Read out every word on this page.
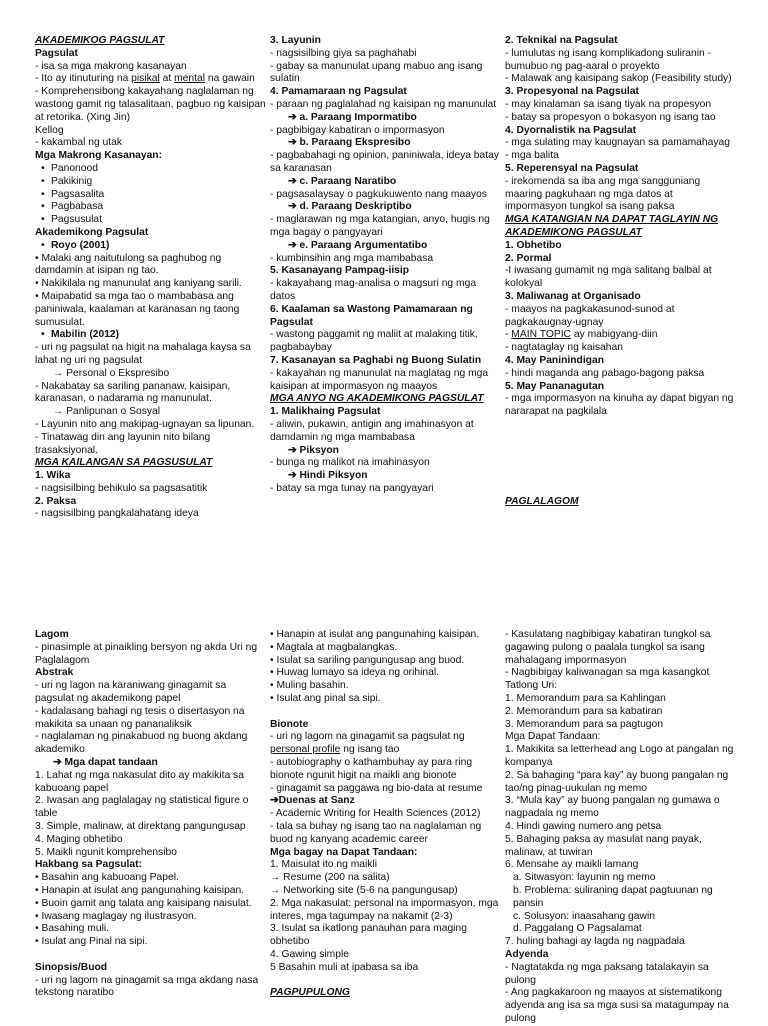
AKADEMIKOG PAGSULAT

Pagsulat

- isa sa mga makrong kasanayan

- Ito ay itinuturing na pisikal at mental na gawain

- Komprehensibong kakayahang naglalaman ng wastong gamit ng talasalitaan, pagbuo ng kaisipan at retorika. (Xing Jin)

Kellog

- kakambal ng utak

Mga Makrong Kasanayan:

• Panonood

• Pakikinig

• Pagsasalita

• Pagbabasa

• Pagsusulat

Akademikong Pagsulat

• Royo (2001)

• Malaki ang naitutulong sa paghubog ng damdamin at isipan ng tao.

• Nakikilala ng manunulat ang kaniyang sarili.

• Maipabatid sa mga tao o mambabasa ang paniniwala, kaalaman at karanasan ng taong sumusulat.

• Mabilin (2012)

- uri ng pagsulat na higit na mahalaga kaysa sa lahat ng uri ng pagsulat

→ Personal o Ekspresibo

- Nakabatay sa sariling pananaw, kaisipan, karanasan, o nadarama ng manunulat.

→ Panlipunan o Sosyal

- Layunin nito ang makipag-ugnayan sa lipunan.

- Tinatawag din ang layunin nito bilang trasaksiyonal.

MGA KAILANGAN SA PAGSUSULAT

1. Wika

- nagsisilbing behikulo sa pagsasatitik

2. Paksa

- nagsisilbing pangkalahatang ideya

3. Layunin

- nagsisilbing giya sa paghahabi

- gabay sa manunulat upang mabuo ang isang sulatin

4. Pamamaraan ng Pagsulat

- paraan ng paglalahad ng kaisipan ng manunulat

➔ a. Paraang Impormatibo

- pagbibigay kabatiran o impormasyon

➔ b. Paraang Ekspresibo

- pagbabahagi ng opinion, paniniwala, ideya batay sa karanasan

➔ c. Paraang Naratibo

- pagsasalaysay o pagkukuwento nang maayos

➔ d. Paraang Deskriptibo

- maglarawan ng mga katangian, anyo, hugis ng mga bagay o pangyayari

➔ e. Paraang Argumentatibo

- kumbinsihin ang mga mambabasa

5. Kasanayang Pampag-iisip

- kakayahang mag-analisa o magsuri ng mga datos

6. Kaalaman sa Wastong Pamamaraan ng Pagsulat

- wastong paggamit ng maliit at malaking titik, pagbabaybay

7. Kasanayan sa Paghabi ng Buong Sulatin

- kakayahan ng manunulat na maglatag ng mga kaisipan at impormasyon ng maayos

MGA ANYO NG AKADEMIKONG PAGSULAT

1. Malikhaing Pagsulat

- aliwin, pukawin, antigin ang imahinasyon at damdamin ng mga mambabasa

➔ Piksyon

- bunga ng malikot na imahinasyon

➔ Hindi Piksyon

- batay sa mga tunay na pangyayari

2. Teknikal na Pagsulat

- lumulutas ng isang komplikadong suliranin -bumubuo ng pag-aaral o proyekto

- Malawak ang kaisipang sakop (Feasibility study)

3. Propesyonal na Pagsulat

- may kinalaman sa isang tiyak na propesyon

- batay sa propesyon o bokasyon ng isang tao

4. Dyornalistik na Pagsulat

- mga sulating may kaugnayan sa pamamahayag

- mga balita

5. Reperensyal na Pagsulat

- irekomenda sa iba ang mga sangguniang maaring pagkuhaan ng mga datos at impormasyon tungkol sa isang paksa

MGA KATANGIAN NA DAPAT TAGLAYIN NG AKADEMIKONG PAGSULAT

1. Obhetibo

2. Pormal

-I iwasang gumamit ng mga salitang balbal at kolokyal

3. Maliwanag at Organisado

- maayos na pagkakasunod-sunod at pagkakaugnay-ugnay

- MAIN TOPIC ay mabigyang-diin

- nagtataglay ng kaisahan

4. May Paninindigan

- hindi maganda ang pabago-bagong paksa

5. May Pananagutan

- mga impormasyon na kinuha ay dapat bigyan ng nararapat na pagkilala

PAGLALAGOM

Lagom

- pinasimple at pinaikling bersyon ng akda Uri ng Paglalagom

Abstrak

- uri ng lagon na karaniwang ginagamit sa pagsulat ng akademikong papel

- kadalasang bahagi ng tesis o disertasyon na makikita sa unaan ng pananaliksik

- naglalaman ng pinakabuod ng buong akdang akademiko

➔ Mga dapat tandaan

1. Lahat ng mga nakasulat dito ay makikita sa kabuoang papel

2. Iwasan ang paglalagay ng statistical figure o table

3. Simple, malinaw, at direktang pangungusap

4. Maging obhetibo

5. Maikli ngunit komprehensibo

Hakbang sa Pagsulat:

• Basahin ang kabuoang Papel.

• Hanapin at isulat ang pangunahing kaisipan.

• Buoin gamit ang talata ang kaisipang naisulat.

• Iwasang maglagay ng ilustrasyon.

• Basahing muli.

• Isulat ang Pinal na sipi.

Sinopsis/Buod

- uri ng lagom na ginagamit sa mga akdang nasa tekstong naratibo

• Hanapin at isulat ang pangunahing kaisipan.

• Magtala at magbalangkas.

• Isulat sa sariling pangungusap ang buod.

• Huwag lumayo sa ideya ng orihinal.

• Muling basahin.

• Isulat ang pinal sa sipi.

Bionote

- uri ng lagom na ginagamit sa pagsulat ng personal profile ng isang tao

- autobiography o kathambuhay ay para ring bionote ngunit higit na maikli ang bionote

- ginagamit sa paggawa ng bio-data at resume

➔Duenas at Sanz

- Academic Writing for Health Sciences (2012)

- tala sa buhay ng isang tao na naglalaman ng buod ng kanyang academic career

Mga bagay na Dapat Tandaan:

1. Maisulat ito ng maikli

→ Resume (200 na salita)

→ Networking site (5-6 na pangungusap)

2. Mga nakasulat: personal na impormasyon, mga interes, mga tagumpay na nakamit (2-3)

3. Isulat sa ikatlong panauhan para maging obhetibo

4. Gawing simple

5 Basahin muli at ipabasa sa iba

PAGPUPULONG

- Kasulatang nagbibigay kabatiran tungkol sa gagawing pulong o paalala tungkol sa isang mahalagang impormasyon

- Nagbibigay kaliwanagan sa mga kasangkot Tatlong Uri:

1. Memorandum para sa Kahlingan

2. Memorandum para sa kabatiran

3. Memorandum para sa pagtugon

Mga Dapat Tandaan:

1. Makikita sa letterhead ang Logo at pangalan ng kompanya

2. Sa bahaging “para kay” ay buong pangalan ng tao/ng pinag-uukulan ng memo

3. “Mula kay” ay buong pangalan ng gumawa o nagpadala ng memo

4. Hindi gawing numero ang petsa

5. Bahaging paksa ay masulat nang payak, malinaw, at tuwiran

6. Mensahe ay maikli lamang

a. Sitwasyon: layunin ng memo

b. Problema: suliraning dapat pagtuunan ng pansin

c. Solusyon: inaasahang gawin

d. Paggalang O Pagsalamat

7. huling bahagi ay lagda ng nagpadala

Adyenda

- Nagtatakda ng mga paksang tatalakayin sa pulong

- Ang pagkakaroon ng maayos at sistematikong adyenda ang isa sa mga susi sa matagumpay na pulong
